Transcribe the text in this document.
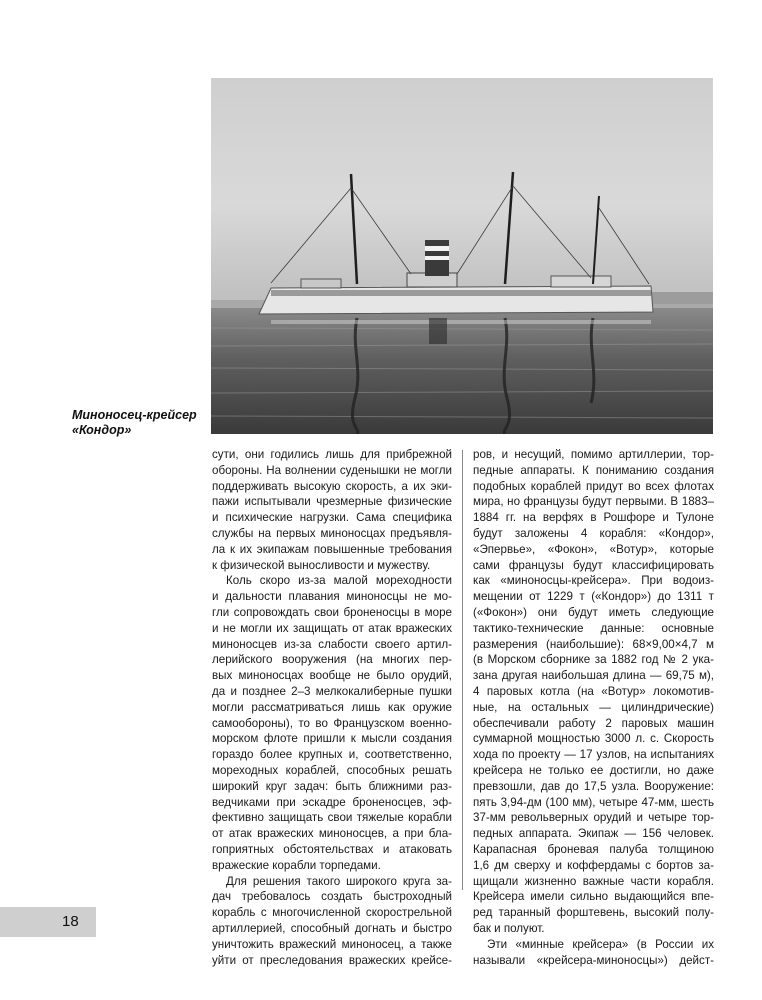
Миноносец-крейсер
«Кондор»
сути, они годились лишь для прибрежной
обороны. На волнении суденышки не могли
поддерживать высокую скорость, а их эки-
пажи испытывали чрезмерные физические
и психические нагрузки. Сама специфика
службы на первых миноносцах предъявля-
ла к их экипажам повышенные требования
к физической выносливости и мужеству.
Коль скоро из-за малой мореходности
и дальности плавания миноносцы не мо-
гли сопровождать свои броненосцы в море
и не могли их защищать от атак вражеских
миноносцев из-за слабости своего артил-
лерийского вооружения (на многих пер-
вых миноносцах вообще не было орудий,
да и позднее 2–3 мелкокалиберные пушки
могли рассматриваться лишь как оружие
самообороны), то во Французском военно-
морском флоте пришли к мысли создания
гораздо более крупных и, соответственно,
мореходных кораблей, способных решать
широкий круг задач: быть ближними раз-
ведчиками при эскадре броненосцев, эф-
фективно защищать свои тяжелые корабли
от атак вражеских миноносцев, а при бла-
гоприятных обстоятельствах и атаковать
вражеские корабли торпедами.
Для решения такого широкого круга за-
дач требовалось создать быстроходный
корабль с многочисленной скорострельной
артиллерией, способный догнать и быстро
уничтожить вражеский миноносец, а также
уйти от преследования вражеских крейсе-
ров, и несущий, помимо артиллерии, тор-
педные аппараты. К пониманию создания
подобных кораблей придут во всех флотах
мира, но французы будут первыми. В 1883–
1884 гг. на верфях в Рошфоре и Тулоне
будут заложены 4 корабля: «Кондор»,
«Эпервье», «Фокон», «Вотур», которые
сами французы будут классифицировать
как «миноносцы-крейсера». При водоиз-
мещении от 1229 т («Кондор») до 1311 т
(«Фокон») они будут иметь следующие
тактико-технические данные: основные
размерения (наибольшие): 68×9,00×4,7 м
(в Морском сборнике за 1882 год № 2 ука-
зана другая наибольшая длина — 69,75 м),
4 паровых котла (на «Вотур» локомотив-
ные, на остальных — цилиндрические)
обеспечивали работу 2 паровых машин
суммарной мощностью 3000 л. с. Скорость
хода по проекту — 17 узлов, на испытаниях
крейсера не только ее достигли, но даже
превзошли, дав до 17,5 узла. Вооружение:
пять 3,94-дм (100 мм), четыре 47-мм, шесть
37-мм револьверных орудий и четыре тор-
педных аппарата. Экипаж — 156 человек.
Карапасная броневая палуба толщиною
1,6 дм сверху и коффердамы с бортов за-
щищали жизненно важные части корабля.
Крейсера имели сильно выдающийся впе-
ред таранный форштевень, высокий полу-
бак и полуют.
Эти «минные крейсера» (в России их
называли «крейсера-миноносцы») дейст-
18
